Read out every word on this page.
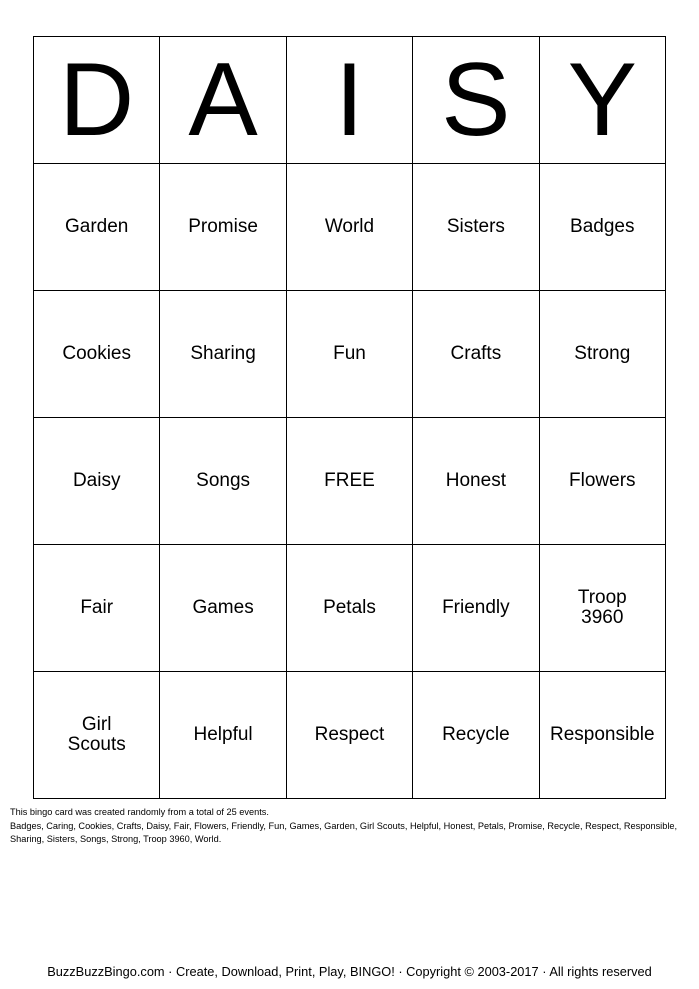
D	A	I	S	Y
Garden	Promise	World	Sisters	Badges
Cookies	Sharing	Fun	Crafts	Strong
Daisy	Songs	FREE	Honest	Flowers
Fair	Games	Petals	Friendly	Troop 3960
Girl Scouts	Helpful	Respect	Recycle	Responsible

This bingo card was created randomly from a total of 25 events.

Badges, Caring, Cookies, Crafts, Daisy, Fair, Flowers, Friendly, Fun, Games, Garden, Girl Scouts, Helpful, Honest, Petals, Promise, Recycle, Respect, Responsible, Sharing, Sisters, Songs, Strong, Troop 3960, World.

BuzzBuzzBingo.com · Create, Download, Print, Play, BINGO! · Copyright © 2003-2017 · All rights reserved
